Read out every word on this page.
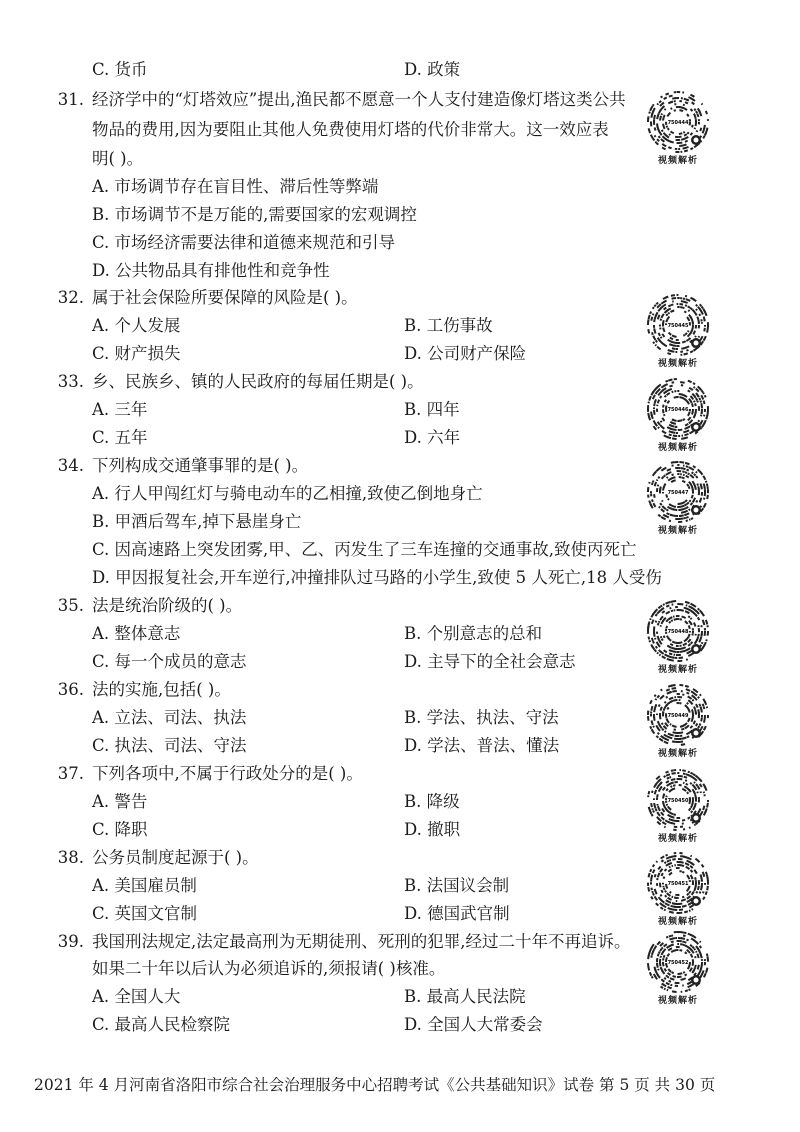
C. 货币	D. 政策
31. 经济学中的“灯塔效应”提出,渔民都不愿意一个人支付建造像灯塔这类公共
物品的费用,因为要阻止其他人免费使用灯塔的代价非常大。这一效应表
明( )。
A. 市场调节存在盲目性、滞后性等弊端
B. 市场调节不是万能的,需要国家的宏观调控
C. 市场经济需要法律和道德来规范和引导
D. 公共物品具有排他性和竞争性
750444
视频解析
32. 属于社会保险所要保障的风险是( )。
A. 个人发展	B. 工伤事故
C. 财产损失	D. 公司财产保险
750445
视频解析
33. 乡、民族乡、镇的人民政府的每届任期是( )。
A. 三年	B. 四年
C. 五年	D. 六年
750446
视频解析
34. 下列构成交通肇事罪的是( )。
A. 行人甲闯红灯与骑电动车的乙相撞,致使乙倒地身亡
B. 甲酒后驾车,掉下悬崖身亡
C. 因高速路上突发团雾,甲、乙、丙发生了三车连撞的交通事故,致使丙死亡
D. 甲因报复社会,开车逆行,冲撞排队过马路的小学生,致使 5 人死亡,18 人受伤
750447
视频解析
35. 法是统治阶级的( )。
A. 整体意志	B. 个别意志的总和
C. 每一个成员的意志	D. 主导下的全社会意志
750448
视频解析
36. 法的实施,包括( )。
A. 立法、司法、执法	B. 学法、执法、守法
C. 执法、司法、守法	D. 学法、普法、懂法
750449
视频解析
37. 下列各项中,不属于行政处分的是( )。
A. 警告	B. 降级
C. 降职	D. 撤职
750450
视频解析
38. 公务员制度起源于( )。
A. 美国雇员制	B. 法国议会制
C. 英国文官制	D. 德国武官制
750451
视频解析
39. 我国刑法规定,法定最高刑为无期徒刑、死刑的犯罪,经过二十年不再追诉。
如果二十年以后认为必须追诉的,须报请( )核准。
A. 全国人大	B. 最高人民法院
C. 最高人民检察院	D. 全国人大常委会
750452
视频解析
2021 年 4 月河南省洛阳市综合社会治理服务中心招聘考试《公共基础知识》试卷 第 5 页 共 30 页
